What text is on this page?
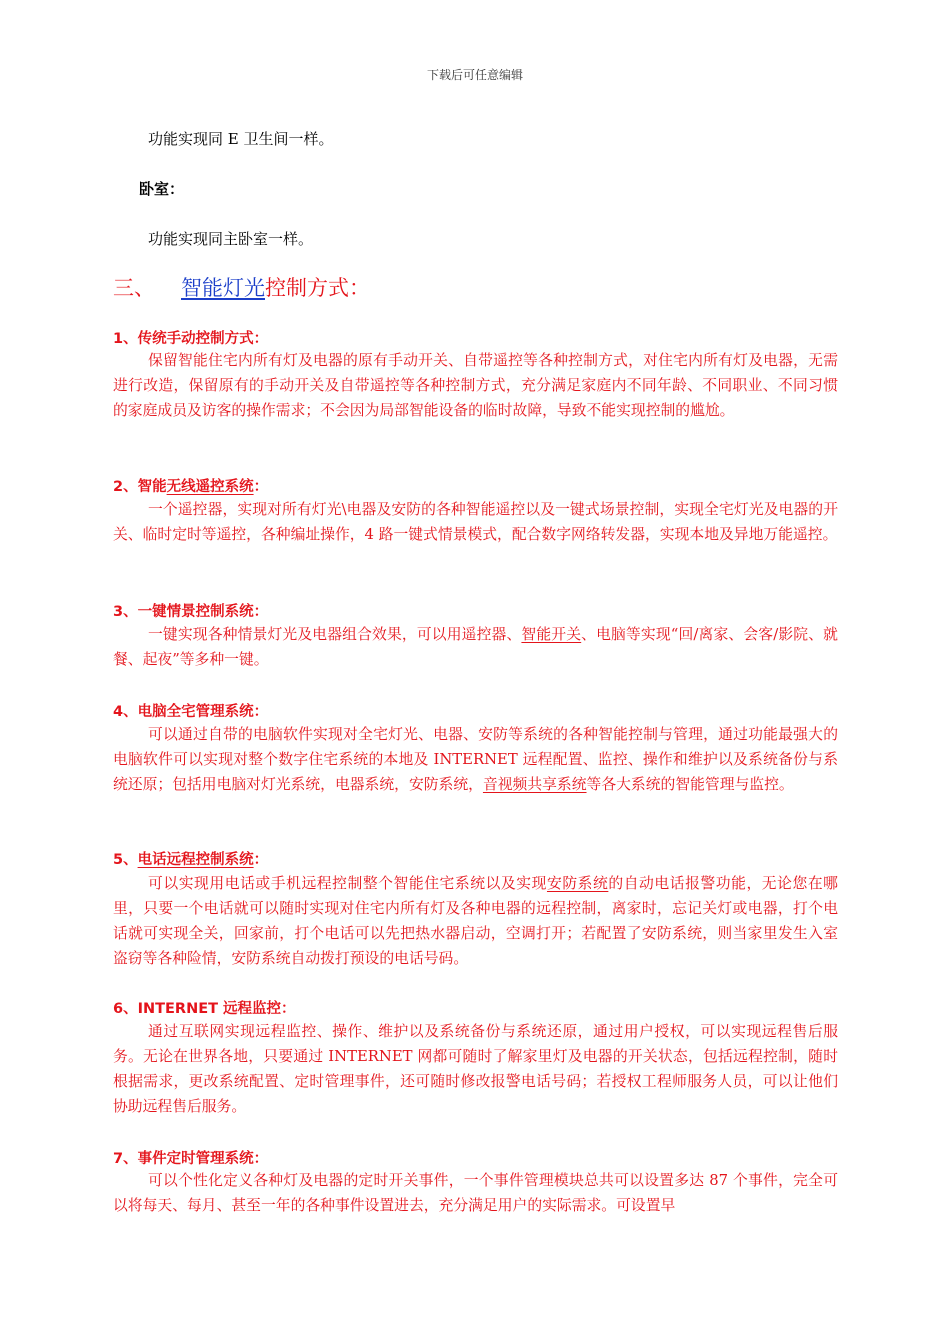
下载后可任意编辑
功能实现同 E 卫生间一样。
卧室：
功能实现同主卧室一样。
三、 智能灯光控制方式：
1、传统手动控制方式：

保留智能住宅内所有灯及电器的原有手动开关、自带遥控等各种控制方式，对住宅内所有灯及电器，无需进行改造，保留原有的手动开关及自带遥控等各种控制方式，充分满足家庭内不同年龄、不同职业、不同习惯的家庭成员及访客的操作需求；不会因为局部智能设备的临时故障，导致不能实现控制的尴尬。

2、智能无线遥控系统：

一个遥控器，实现对所有灯光\电器及安防的各种智能遥控以及一键式场景控制，实现全宅灯光及电器的开关、临时定时等遥控，各种编址操作，4 路一键式情景模式，配合数字网络转发器，实现本地及异地万能遥控。

3、一键情景控制系统：

一键实现各种情景灯光及电器组合效果，可以用遥控器、智能开关、电脑等实现“回/离家、会客/影院、就餐、起夜”等多种一键。

4、电脑全宅管理系统：

可以通过自带的电脑软件实现对全宅灯光、电器、安防等系统的各种智能控制与管理，通过功能最强大的电脑软件可以实现对整个数字住宅系统的本地及 INTERNET 远程配置、监控、操作和维护以及系统备份与系统还原；包括用电脑对灯光系统，电器系统，安防系统，音视频共享系统等各大系统的智能管理与监控。

5、电话远程控制系统：

可以实现用电话或手机远程控制整个智能住宅系统以及实现安防系统的自动电话报警功能，无论您在哪里，只要一个电话就可以随时实现对住宅内所有灯及各种电器的远程控制，离家时，忘记关灯或电器，打个电话就可实现全关，回家前，打个电话可以先把热水器启动，空调打开；若配置了安防系统，则当家里发生入室盗窃等各种险情，安防系统自动拨打预设的电话号码。

6、INTERNET 远程监控：

通过互联网实现远程监控、操作、维护以及系统备份与系统还原，通过用户授权，可以实现远程售后服务。无论在世界各地，只要通过 INTERNET 网都可随时了解家里灯及电器的开关状态，包括远程控制，随时根据需求，更改系统配置、定时管理事件，还可随时修改报警电话号码；若授权工程师服务人员，可以让他们协助远程售后服务。

7、事件定时管理系统：

可以个性化定义各种灯及电器的定时开关事件，一个事件管理模块总共可以设置多达 87 个事件，完全可以将每天、每月、甚至一年的各种事件设置进去，充分满足用户的实际需求。可设置早
